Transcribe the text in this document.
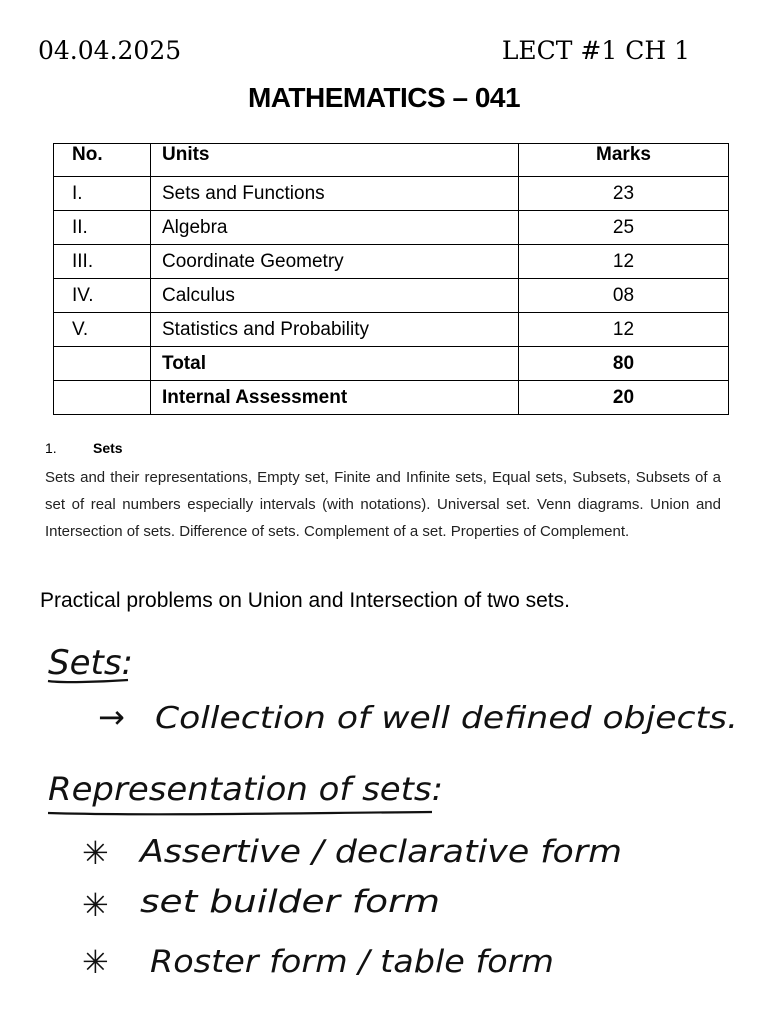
04.04.2025	LECT #1 CH 1
MATHEMATICS – 041
No.	Units	Marks
I.	Sets and Functions	23
II.	Algebra	25
III.	Coordinate Geometry	12
IV.	Calculus	08
V.	Statistics and Probability	12
	Total	80
	Internal Assessment	20
1.	Sets
Sets and their representations, Empty set, Finite and Infinite sets, Equal sets, Subsets, Subsets of a set of real numbers especially intervals (with notations). Universal set. Venn diagrams. Union and Intersection of sets. Difference of sets. Complement of a set. Properties of Complement.
Practical problems on Union and Intersection of two sets.
Sets:
→ Collection of well defined objects.
Representation of sets:
✳ Assertive / declarative form
✳ set builder form
✳ Roster form / table form
